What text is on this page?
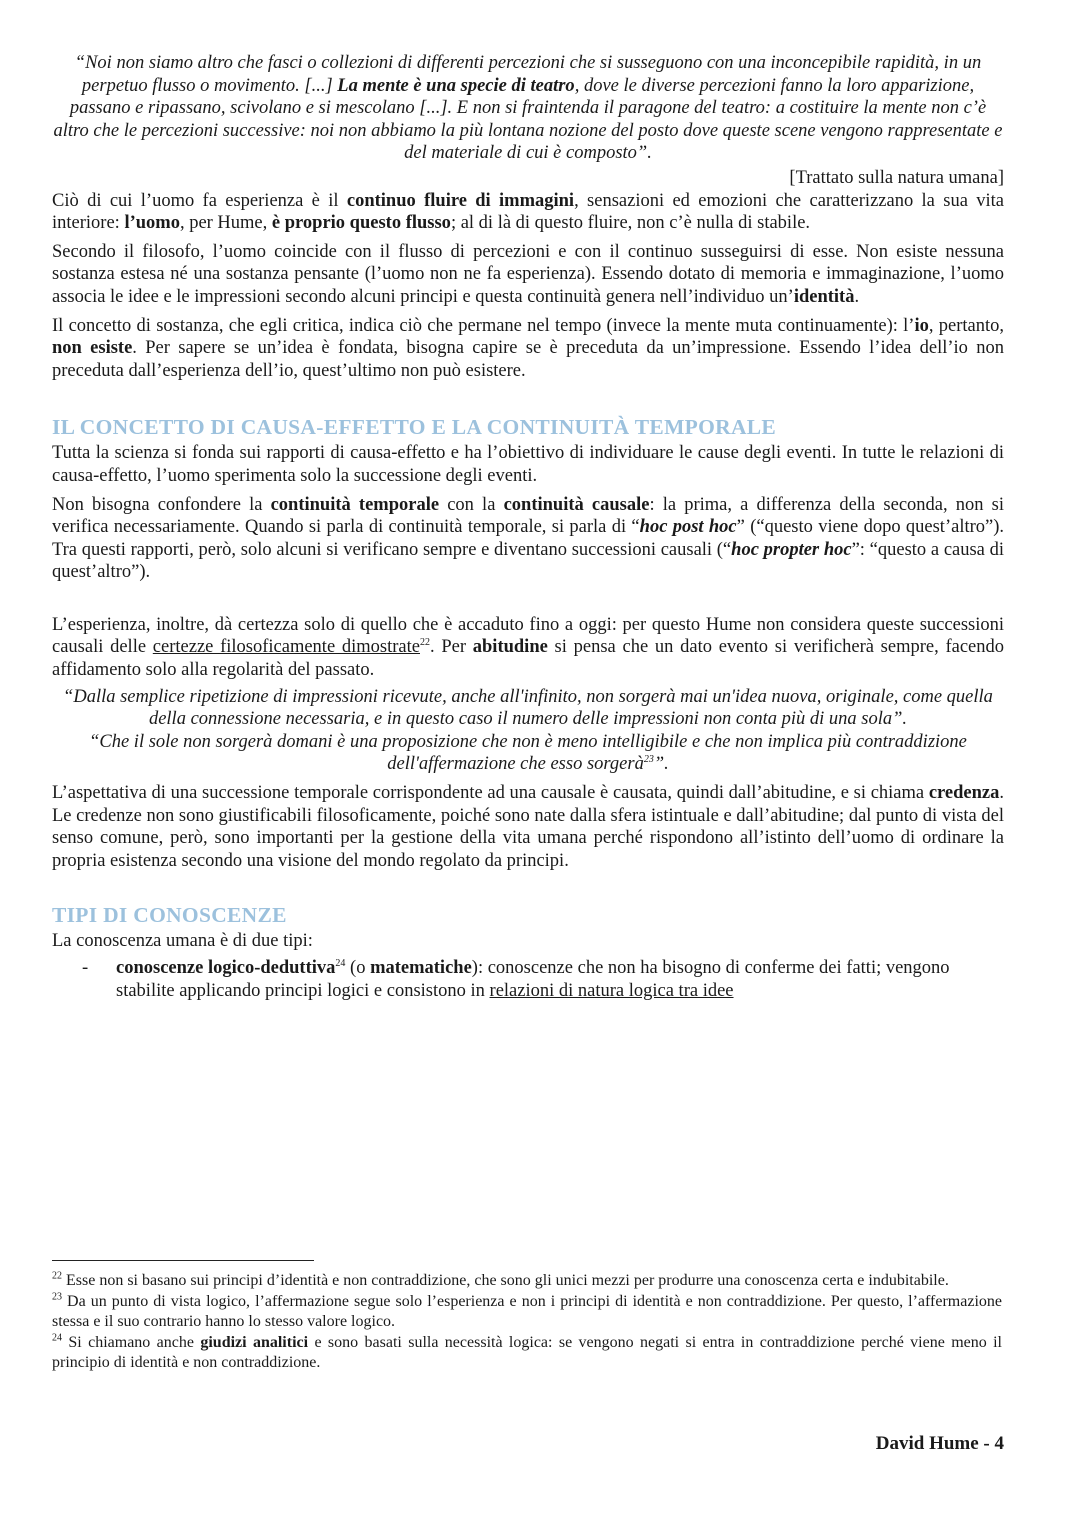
“Noi non siamo altro che fasci o collezioni di differenti percezioni che si susseguono con una inconcepibile rapidità, in un perpetuo flusso o movimento. [...] La mente è una specie di teatro, dove le diverse percezioni fanno la loro apparizione, passano e ripassano, scivolano e si mescolano [...]. E non si fraintenda il paragone del teatro: a costituire la mente non c’è altro che le percezioni successive: noi non abbiamo la più lontana nozione del posto dove queste scene vengono rappresentate e del materiale di cui è composto”.

[Trattato sulla natura umana]

Ciò di cui l’uomo fa esperienza è il continuo fluire di immagini, sensazioni ed emozioni che caratterizzano la sua vita interiore: l’uomo, per Hume, è proprio questo flusso; al di là di questo fluire, non c’è nulla di stabile.

Secondo il filosofo, l’uomo coincide con il flusso di percezioni e con il continuo susseguirsi di esse. Non esiste nessuna sostanza estesa né una sostanza pensante (l’uomo non ne fa esperienza). Essendo dotato di memoria e immaginazione, l’uomo associa le idee e le impressioni secondo alcuni principi e questa continuità genera nell’individuo un’identità.

Il concetto di sostanza, che egli critica, indica ciò che permane nel tempo (invece la mente muta continuamente): l’io, pertanto, non esiste. Per sapere se un’idea è fondata, bisogna capire se è preceduta da un’impressione. Essendo l’idea dell’io non preceduta dall’esperienza dell’io, quest’ultimo non può esistere.

IL CONCETTO DI CAUSA-EFFETTO E LA CONTINUITÀ TEMPORALE

Tutta la scienza si fonda sui rapporti di causa-effetto e ha l’obiettivo di individuare le cause degli eventi. In tutte le relazioni di causa-effetto, l’uomo sperimenta solo la successione degli eventi.

Non bisogna confondere la continuità temporale con la continuità causale: la prima, a differenza della seconda, non si verifica necessariamente. Quando si parla di continuità temporale, si parla di “hoc post hoc” (“questo viene dopo quest’altro”). Tra questi rapporti, però, solo alcuni si verificano sempre e diventano successioni causali (“hoc propter hoc”: “questo a causa di quest’altro”).

L’esperienza, inoltre, dà certezza solo di quello che è accaduto fino a oggi: per questo Hume non considera queste successioni causali delle certezze filosoficamente dimostrate$^{22}$. Per abitudine si pensa che un dato evento si verificherà sempre, facendo affidamento solo alla regolarità del passato.

“Dalla semplice ripetizione di impressioni ricevute, anche all'infinito, non sorgerà mai un'idea nuova, originale, come quella della connessione necessaria, e in questo caso il numero delle impressioni non conta più di una sola”.

“Che il sole non sorgerà domani è una proposizione che non è meno intelligibile e che non implica più contraddizione dell'affermazione che esso sorgerà$^{23}$”.

L’aspettativa di una successione temporale corrispondente ad una causale è causata, quindi dall’abitudine, e si chiama credenza. Le credenze non sono giustificabili filosoficamente, poiché sono nate dalla sfera istintuale e dall’abitudine; dal punto di vista del senso comune, però, sono importanti per la gestione della vita umana perché rispondono all’istinto dell’uomo di ordinare la propria esistenza secondo una visione del mondo regolato da principi.

TIPI DI CONOSCENZE

La conoscenza umana è di due tipi:

-	conoscenze logico-deduttiva$^{24}$ (o matematiche): conoscenze che non ha bisogno di conferme dei fatti; vengono stabilite applicando principi logici e consistono in relazioni di natura logica tra idee

$^{22}$ Esse non si basano sui principi d’identità e non contraddizione, che sono gli unici mezzi per produrre una conoscenza certa e indubitabile.

$^{23}$ Da un punto di vista logico, l’affermazione segue solo l’esperienza e non i principi di identità e non contraddizione. Per questo, l’affermazione stessa e il suo contrario hanno lo stesso valore logico.

$^{24}$ Si chiamano anche giudizi analitici e sono basati sulla necessità logica: se vengono negati si entra in contraddizione perché viene meno il principio di identità e non contraddizione.

David Hume - 4
